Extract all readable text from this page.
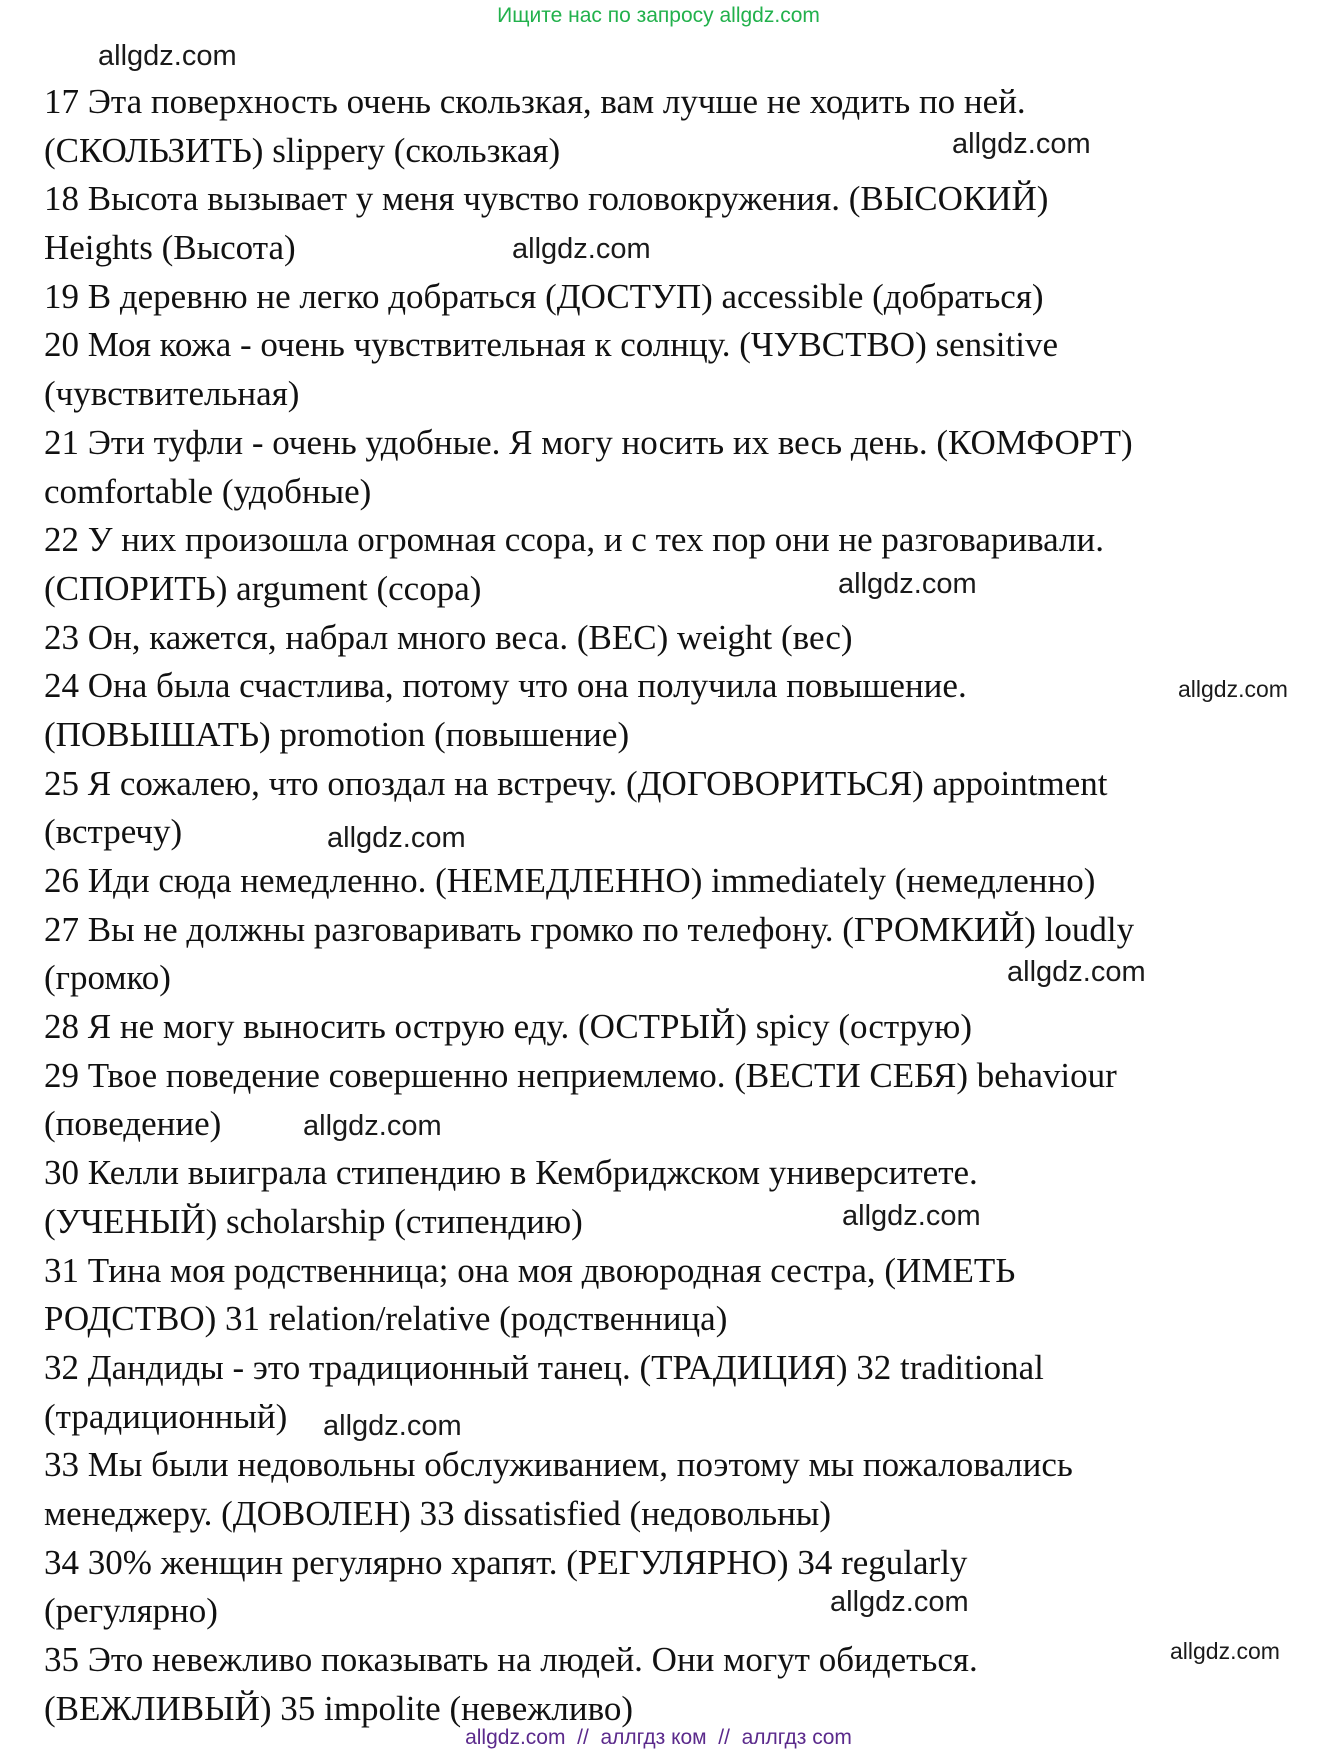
Ищите нас по запросу allgdz.com
17 Эта поверхность очень скользкая, вам лучше не ходить по ней.
(СКОЛЬЗИТЬ) slippery (скользкая)
18 Высота вызывает у меня чувство головокружения. (ВЫСОКИЙ)
Heights (Высота)
19 В деревню не легко добраться (ДОСТУП) accessible (добраться)
20 Моя кожа - очень чувствительная к солнцу. (ЧУВСТВО) sensitive
(чувствительная)
21 Эти туфли - очень удобные. Я могу носить их весь день. (КОМФОРТ)
comfortable (удобные)
22 У них произошла огромная ссора, и с тех пор они не разговаривали.
(СПОРИТЬ) argument (ссора)
23 Он, кажется, набрал много веса. (ВЕС) weight (вес)
24 Она была счастлива, потому что она получила повышение.
(ПОВЫШАТЬ) promotion (повышение)
25 Я сожалею, что опоздал на встречу. (ДОГОВОРИТЬСЯ) appointment
(встречу)
26 Иди сюда немедленно. (НЕМЕДЛЕННО) immediately (немедленно)
27 Вы не должны разговаривать громко по телефону. (ГРОМКИЙ) loudly
(громко)
28 Я не могу выносить острую еду. (ОСТРЫЙ) spicy (острую)
29 Твое поведение совершенно неприемлемо. (ВЕСТИ СЕБЯ) behaviour
(поведение)
30 Келли выиграла стипендию в Кембриджском университете.
(УЧЕНЫЙ) scholarship (стипендию)
31 Тина моя родственница; она моя двоюродная сестра, (ИМЕТЬ
РОДСТВО) 31 relation/relative (родственница)
32 Дандиды - это традиционный танец. (ТРАДИЦИЯ) 32 traditional
(традиционный)
33 Мы были недовольны обслуживанием, поэтому мы пожаловались
менеджеру. (ДОВОЛЕН) 33 dissatisfied (недовольны)
34 30% женщин регулярно храпят. (РЕГУЛЯРНО) 34 regularly
(регулярно)
35 Это невежливо показывать на людей. Они могут обидеться.
(ВЕЖЛИВЫЙ) 35 impolite (невежливо)
allgdz.com
allgdz.com
allgdz.com
allgdz.com
allgdz.com
allgdz.com
allgdz.com
allgdz.com
allgdz.com
allgdz.com
allgdz.com
allgdz.com
allgdz.com  //  аллгдз ком  //  аллгдз com
